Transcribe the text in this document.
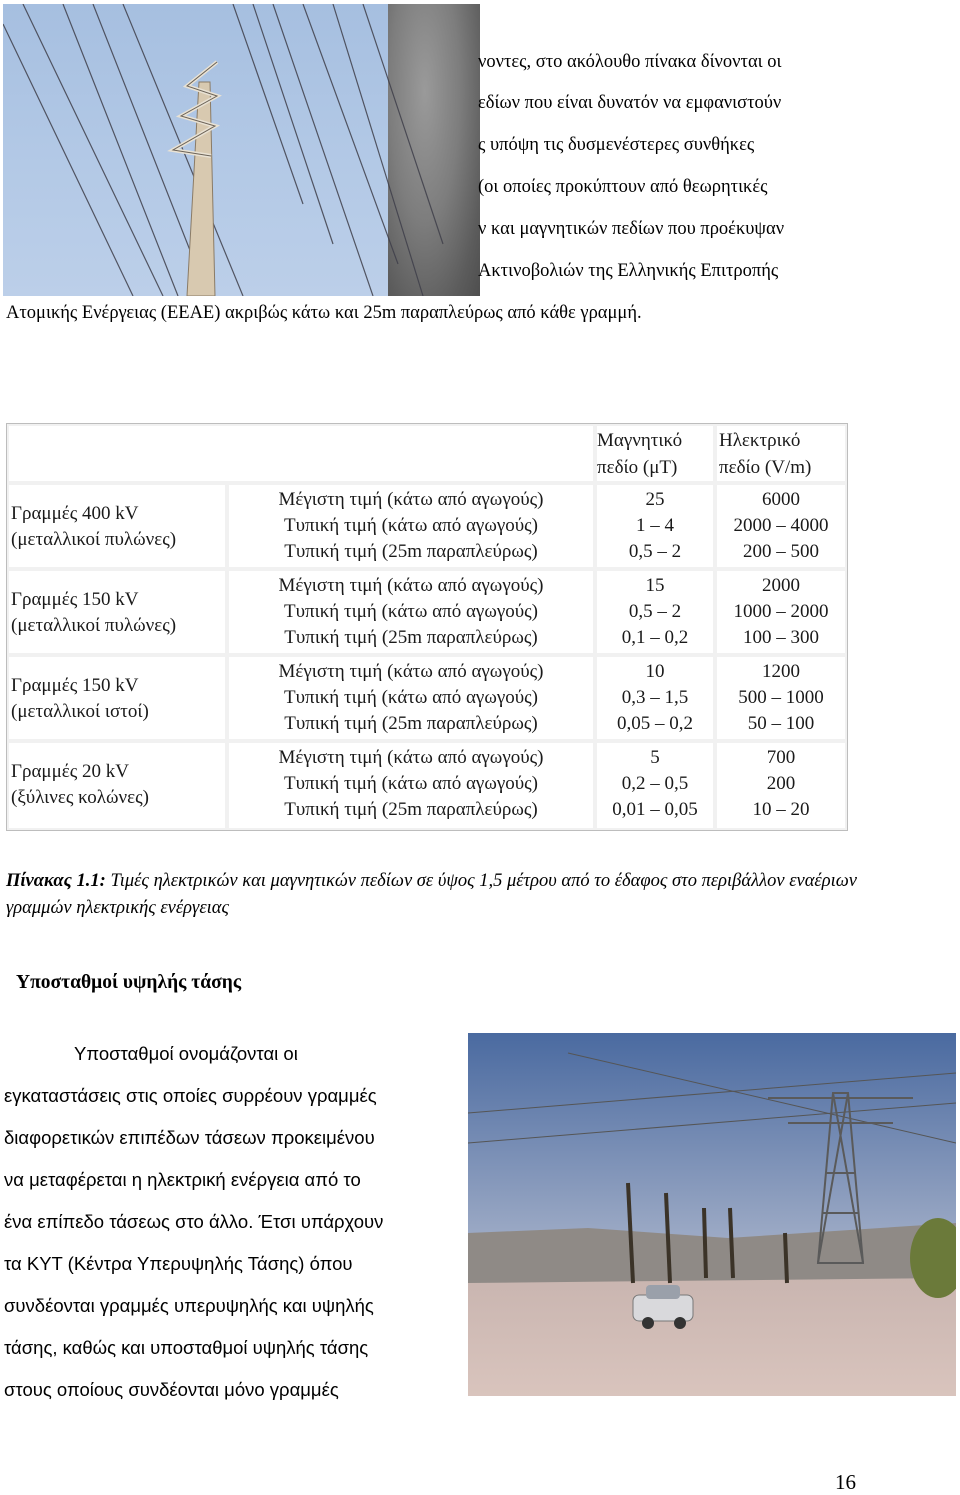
νοντες, στο ακόλουθο πίνακα δίνονται οι
εδίων που είναι δυνατόν να εμφανιστούν
ς υπόψη τις δυσμενέστερες συνθήκες
(οι οποίες προκύπτουν από θεωρητικές
ν και μαγνητικών πεδίων που προέκυψαν
Ακτινοβολιών της Ελληνικής Επιτροπής
Ατομικής Ενέργειας (ΕΕΑΕ) ακριβώς κάτω και 25m παραπλεύρως από κάθε γραμμή.
Μαγνητικό
πεδίο (μΤ)
Ηλεκτρικό
πεδίο (V/m)
Γραμμές 400 kV
(μεταλλικοί πυλώνες)
Μέγιστη τιμή (κάτω από αγωγούς)
Τυπική τιμή (κάτω από αγωγούς)
Τυπική τιμή (25m παραπλεύρως)
25
1 – 4
0,5 – 2
6000
2000 – 4000
200 – 500
Γραμμές 150 kV
(μεταλλικοί πυλώνες)
Μέγιστη τιμή (κάτω από αγωγούς)
Τυπική τιμή (κάτω από αγωγούς)
Τυπική τιμή (25m παραπλεύρως)
15
0,5 – 2
0,1 – 0,2
2000
1000 – 2000
100 – 300
Γραμμές 150 kV
(μεταλλικοί ιστοί)
Μέγιστη τιμή (κάτω από αγωγούς)
Τυπική τιμή (κάτω από αγωγούς)
Τυπική τιμή (25m παραπλεύρως)
10
0,3 – 1,5
0,05 – 0,2
1200
500 – 1000
50 – 100
Γραμμές 20 kV
(ξύλινες κολώνες)
Μέγιστη τιμή (κάτω από αγωγούς)
Τυπική τιμή (κάτω από αγωγούς)
Τυπική τιμή (25m παραπλεύρως)
5
0,2 – 0,5
0,01 – 0,05
700
200
10 – 20
Πίνακας 1.1: Τιμές ηλεκτρικών και μαγνητικών πεδίων σε ύψος 1,5 μέτρου από το έδαφος στο περιβάλλον εναέριων γραμμών ηλεκτρικής ενέργειας
Υποσταθμοί υψηλής τάσης
Υποσταθμοί ονομάζονται οι
εγκαταστάσεις στις οποίες συρρέουν γραμμές
διαφορετικών επιπέδων τάσεων προκειμένου
να μεταφέρεται η ηλεκτρική ενέργεια από το
ένα επίπεδο τάσεως στο άλλο. Έτσι υπάρχουν
τα ΚΥΤ (Κέντρα Υπερυψηλής Τάσης) όπου
συνδέονται γραμμές υπερυψηλής και υψηλής
τάσης, καθώς και υποσταθμοί υψηλής τάσης
στους οποίους συνδέονται μόνο γραμμές
16
